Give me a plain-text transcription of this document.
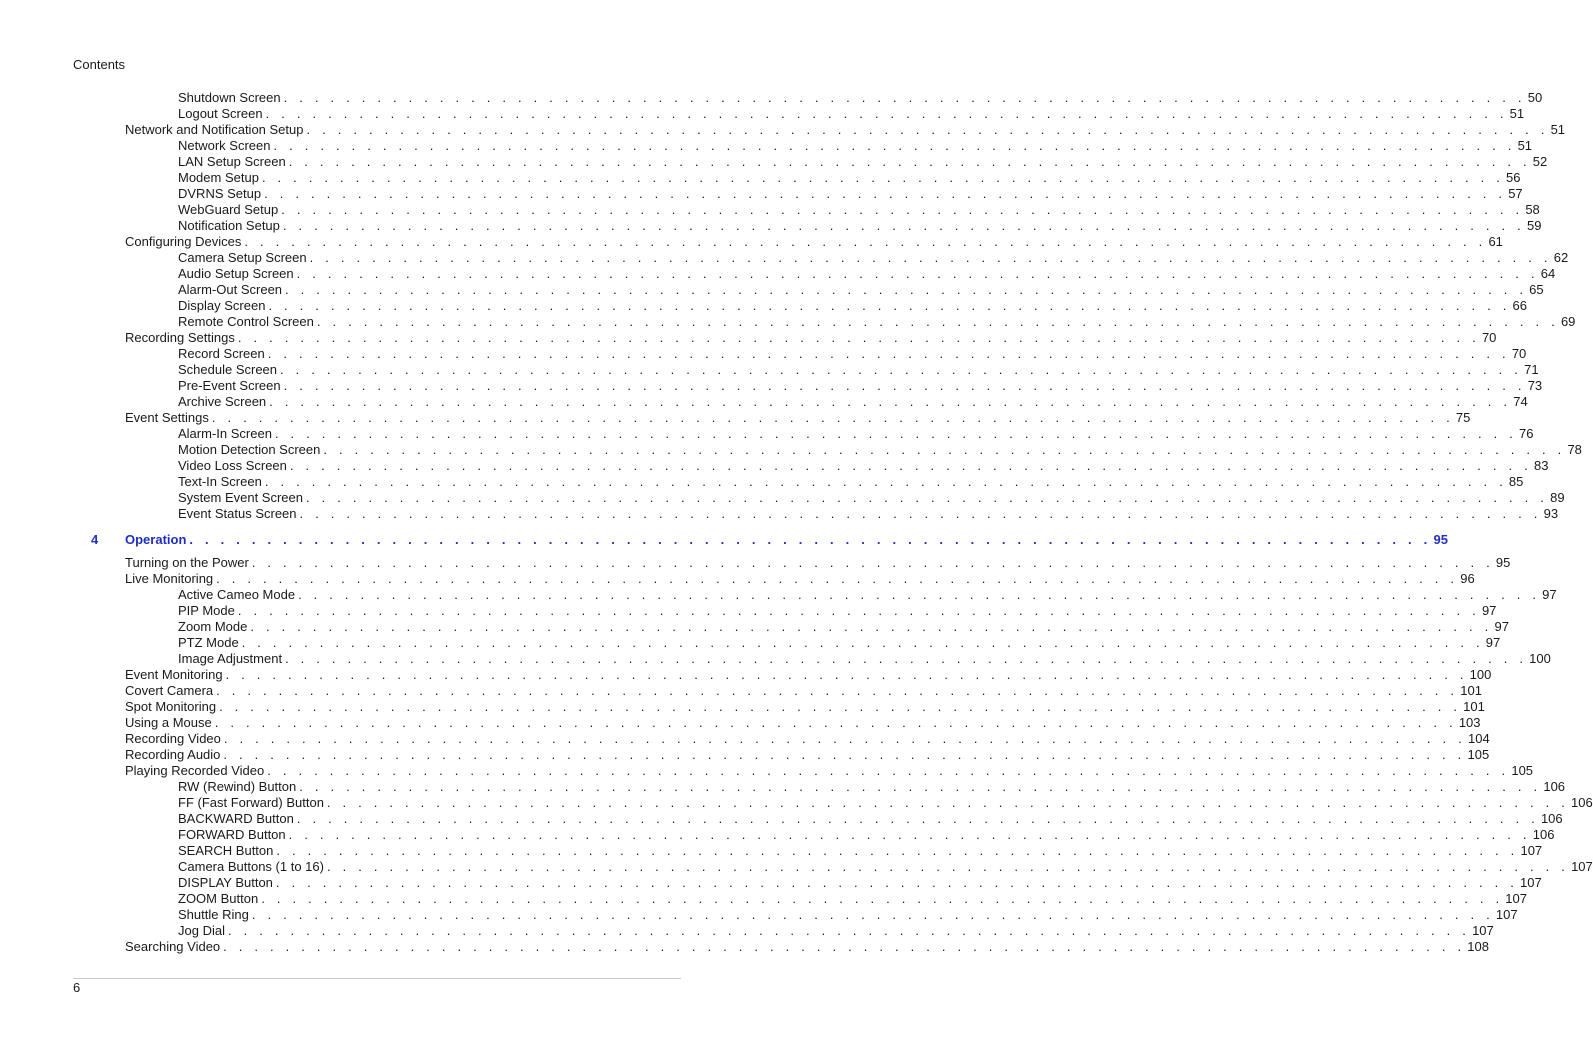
Contents
Shutdown Screen . . . . . . . . . . . . . . . . . . . . . . . . . . . . . . . . . . . . . . . . . . . . . . . . . . . . . . . . . . . . . . . . . . . . . . . . . . . . . . . . 50
Logout Screen . . . . . . . . . . . . . . . . . . . . . . . . . . . . . . . . . . . . . . . . . . . . . . . . . . . . . . . . . . . . . . . . . . . . . . . . . . . . . . . . 51
Network and Notification Setup . . . . . . . . . . . . . . . . . . . . . . . . . . . . . . . . . . . . . . . . . . . . . . . . . . . . . . . . . . . . . . . . . . . . . . . . . . . . . . . . 51
Network Screen . . . . . . . . . . . . . . . . . . . . . . . . . . . . . . . . . . . . . . . . . . . . . . . . . . . . . . . . . . . . . . . . . . . . . . . . . . . . . . . . 51
LAN Setup Screen . . . . . . . . . . . . . . . . . . . . . . . . . . . . . . . . . . . . . . . . . . . . . . . . . . . . . . . . . . . . . . . . . . . . . . . . . . . . . . . . 52
Modem Setup . . . . . . . . . . . . . . . . . . . . . . . . . . . . . . . . . . . . . . . . . . . . . . . . . . . . . . . . . . . . . . . . . . . . . . . . . . . . . . . . 56
DVRNS Setup . . . . . . . . . . . . . . . . . . . . . . . . . . . . . . . . . . . . . . . . . . . . . . . . . . . . . . . . . . . . . . . . . . . . . . . . . . . . . . . . 57
WebGuard Setup . . . . . . . . . . . . . . . . . . . . . . . . . . . . . . . . . . . . . . . . . . . . . . . . . . . . . . . . . . . . . . . . . . . . . . . . . . . . . . . . 58
Notification Setup . . . . . . . . . . . . . . . . . . . . . . . . . . . . . . . . . . . . . . . . . . . . . . . . . . . . . . . . . . . . . . . . . . . . . . . . . . . . . . . . 59
Configuring Devices . . . . . . . . . . . . . . . . . . . . . . . . . . . . . . . . . . . . . . . . . . . . . . . . . . . . . . . . . . . . . . . . . . . . . . . . . . . . . . . . 61
Camera Setup Screen . . . . . . . . . . . . . . . . . . . . . . . . . . . . . . . . . . . . . . . . . . . . . . . . . . . . . . . . . . . . . . . . . . . . . . . . . . . . . . . . 62
Audio Setup Screen . . . . . . . . . . . . . . . . . . . . . . . . . . . . . . . . . . . . . . . . . . . . . . . . . . . . . . . . . . . . . . . . . . . . . . . . . . . . . . . . 64
Alarm-Out Screen . . . . . . . . . . . . . . . . . . . . . . . . . . . . . . . . . . . . . . . . . . . . . . . . . . . . . . . . . . . . . . . . . . . . . . . . . . . . . . . . 65
Display Screen . . . . . . . . . . . . . . . . . . . . . . . . . . . . . . . . . . . . . . . . . . . . . . . . . . . . . . . . . . . . . . . . . . . . . . . . . . . . . . . . 66
Remote Control Screen . . . . . . . . . . . . . . . . . . . . . . . . . . . . . . . . . . . . . . . . . . . . . . . . . . . . . . . . . . . . . . . . . . . . . . . . . . . . . . . . 69
Recording Settings . . . . . . . . . . . . . . . . . . . . . . . . . . . . . . . . . . . . . . . . . . . . . . . . . . . . . . . . . . . . . . . . . . . . . . . . . . . . . . . . 70
Record Screen . . . . . . . . . . . . . . . . . . . . . . . . . . . . . . . . . . . . . . . . . . . . . . . . . . . . . . . . . . . . . . . . . . . . . . . . . . . . . . . . 70
Schedule Screen . . . . . . . . . . . . . . . . . . . . . . . . . . . . . . . . . . . . . . . . . . . . . . . . . . . . . . . . . . . . . . . . . . . . . . . . . . . . . . . . 71
Pre-Event Screen . . . . . . . . . . . . . . . . . . . . . . . . . . . . . . . . . . . . . . . . . . . . . . . . . . . . . . . . . . . . . . . . . . . . . . . . . . . . . . . . 73
Archive Screen . . . . . . . . . . . . . . . . . . . . . . . . . . . . . . . . . . . . . . . . . . . . . . . . . . . . . . . . . . . . . . . . . . . . . . . . . . . . . . . . 74
Event Settings . . . . . . . . . . . . . . . . . . . . . . . . . . . . . . . . . . . . . . . . . . . . . . . . . . . . . . . . . . . . . . . . . . . . . . . . . . . . . . . . 75
Alarm-In Screen . . . . . . . . . . . . . . . . . . . . . . . . . . . . . . . . . . . . . . . . . . . . . . . . . . . . . . . . . . . . . . . . . . . . . . . . . . . . . . . . 76
Motion Detection Screen . . . . . . . . . . . . . . . . . . . . . . . . . . . . . . . . . . . . . . . . . . . . . . . . . . . . . . . . . . . . . . . . . . . . . . . . . . . . . . . . 78
Video Loss Screen . . . . . . . . . . . . . . . . . . . . . . . . . . . . . . . . . . . . . . . . . . . . . . . . . . . . . . . . . . . . . . . . . . . . . . . . . . . . . . . . 83
Text-In Screen . . . . . . . . . . . . . . . . . . . . . . . . . . . . . . . . . . . . . . . . . . . . . . . . . . . . . . . . . . . . . . . . . . . . . . . . . . . . . . . . 85
System Event Screen . . . . . . . . . . . . . . . . . . . . . . . . . . . . . . . . . . . . . . . . . . . . . . . . . . . . . . . . . . . . . . . . . . . . . . . . . . . . . . . . 89
Event Status Screen . . . . . . . . . . . . . . . . . . . . . . . . . . . . . . . . . . . . . . . . . . . . . . . . . . . . . . . . . . . . . . . . . . . . . . . . . . . . . . . . 93
Operation . . . . . . . . . . . . . . . . . . . . . . . . . . . . . . . . . . . . . . . . . . . . . . . . . . . . . . . . . . . . . . . . . . . . . . . . . . . . . . . . 95
4
Turning on the Power . . . . . . . . . . . . . . . . . . . . . . . . . . . . . . . . . . . . . . . . . . . . . . . . . . . . . . . . . . . . . . . . . . . . . . . . . . . . . . . . 95
Live Monitoring . . . . . . . . . . . . . . . . . . . . . . . . . . . . . . . . . . . . . . . . . . . . . . . . . . . . . . . . . . . . . . . . . . . . . . . . . . . . . . . . 96
Active Cameo Mode . . . . . . . . . . . . . . . . . . . . . . . . . . . . . . . . . . . . . . . . . . . . . . . . . . . . . . . . . . . . . . . . . . . . . . . . . . . . . . . . 97
PIP Mode . . . . . . . . . . . . . . . . . . . . . . . . . . . . . . . . . . . . . . . . . . . . . . . . . . . . . . . . . . . . . . . . . . . . . . . . . . . . . . . . 97
Zoom Mode . . . . . . . . . . . . . . . . . . . . . . . . . . . . . . . . . . . . . . . . . . . . . . . . . . . . . . . . . . . . . . . . . . . . . . . . . . . . . . . . 97
PTZ Mode . . . . . . . . . . . . . . . . . . . . . . . . . . . . . . . . . . . . . . . . . . . . . . . . . . . . . . . . . . . . . . . . . . . . . . . . . . . . . . . . 97
Image Adjustment . . . . . . . . . . . . . . . . . . . . . . . . . . . . . . . . . . . . . . . . . . . . . . . . . . . . . . . . . . . . . . . . . . . . . . . . . . . . . . . . 100
Event Monitoring . . . . . . . . . . . . . . . . . . . . . . . . . . . . . . . . . . . . . . . . . . . . . . . . . . . . . . . . . . . . . . . . . . . . . . . . . . . . . . . . 100
Covert Camera . . . . . . . . . . . . . . . . . . . . . . . . . . . . . . . . . . . . . . . . . . . . . . . . . . . . . . . . . . . . . . . . . . . . . . . . . . . . . . . . 101
Spot Monitoring . . . . . . . . . . . . . . . . . . . . . . . . . . . . . . . . . . . . . . . . . . . . . . . . . . . . . . . . . . . . . . . . . . . . . . . . . . . . . . . . 101
Using a Mouse . . . . . . . . . . . . . . . . . . . . . . . . . . . . . . . . . . . . . . . . . . . . . . . . . . . . . . . . . . . . . . . . . . . . . . . . . . . . . . . . 103
Recording Video . . . . . . . . . . . . . . . . . . . . . . . . . . . . . . . . . . . . . . . . . . . . . . . . . . . . . . . . . . . . . . . . . . . . . . . . . . . . . . . . 104
Recording Audio . . . . . . . . . . . . . . . . . . . . . . . . . . . . . . . . . . . . . . . . . . . . . . . . . . . . . . . . . . . . . . . . . . . . . . . . . . . . . . . . 105
Playing Recorded Video . . . . . . . . . . . . . . . . . . . . . . . . . . . . . . . . . . . . . . . . . . . . . . . . . . . . . . . . . . . . . . . . . . . . . . . . . . . . . . . . 105
RW (Rewind) Button . . . . . . . . . . . . . . . . . . . . . . . . . . . . . . . . . . . . . . . . . . . . . . . . . . . . . . . . . . . . . . . . . . . . . . . . . . . . . . . . 106
FF (Fast Forward) Button . . . . . . . . . . . . . . . . . . . . . . . . . . . . . . . . . . . . . . . . . . . . . . . . . . . . . . . . . . . . . . . . . . . . . . . . . . . . . . . . 106
BACKWARD Button . . . . . . . . . . . . . . . . . . . . . . . . . . . . . . . . . . . . . . . . . . . . . . . . . . . . . . . . . . . . . . . . . . . . . . . . . . . . . . . . 106
FORWARD Button . . . . . . . . . . . . . . . . . . . . . . . . . . . . . . . . . . . . . . . . . . . . . . . . . . . . . . . . . . . . . . . . . . . . . . . . . . . . . . . . 106
SEARCH Button . . . . . . . . . . . . . . . . . . . . . . . . . . . . . . . . . . . . . . . . . . . . . . . . . . . . . . . . . . . . . . . . . . . . . . . . . . . . . . . . 107
Camera Buttons (1 to 16) . . . . . . . . . . . . . . . . . . . . . . . . . . . . . . . . . . . . . . . . . . . . . . . . . . . . . . . . . . . . . . . . . . . . . . . . . . . . . . . . 107
DISPLAY Button . . . . . . . . . . . . . . . . . . . . . . . . . . . . . . . . . . . . . . . . . . . . . . . . . . . . . . . . . . . . . . . . . . . . . . . . . . . . . . . . 107
ZOOM Button . . . . . . . . . . . . . . . . . . . . . . . . . . . . . . . . . . . . . . . . . . . . . . . . . . . . . . . . . . . . . . . . . . . . . . . . . . . . . . . . 107
Shuttle Ring . . . . . . . . . . . . . . . . . . . . . . . . . . . . . . . . . . . . . . . . . . . . . . . . . . . . . . . . . . . . . . . . . . . . . . . . . . . . . . . . 107
Jog Dial . . . . . . . . . . . . . . . . . . . . . . . . . . . . . . . . . . . . . . . . . . . . . . . . . . . . . . . . . . . . . . . . . . . . . . . . . . . . . . . . 107
Searching Video . . . . . . . . . . . . . . . . . . . . . . . . . . . . . . . . . . . . . . . . . . . . . . . . . . . . . . . . . . . . . . . . . . . . . . . . . . . . . . . . 108
6
